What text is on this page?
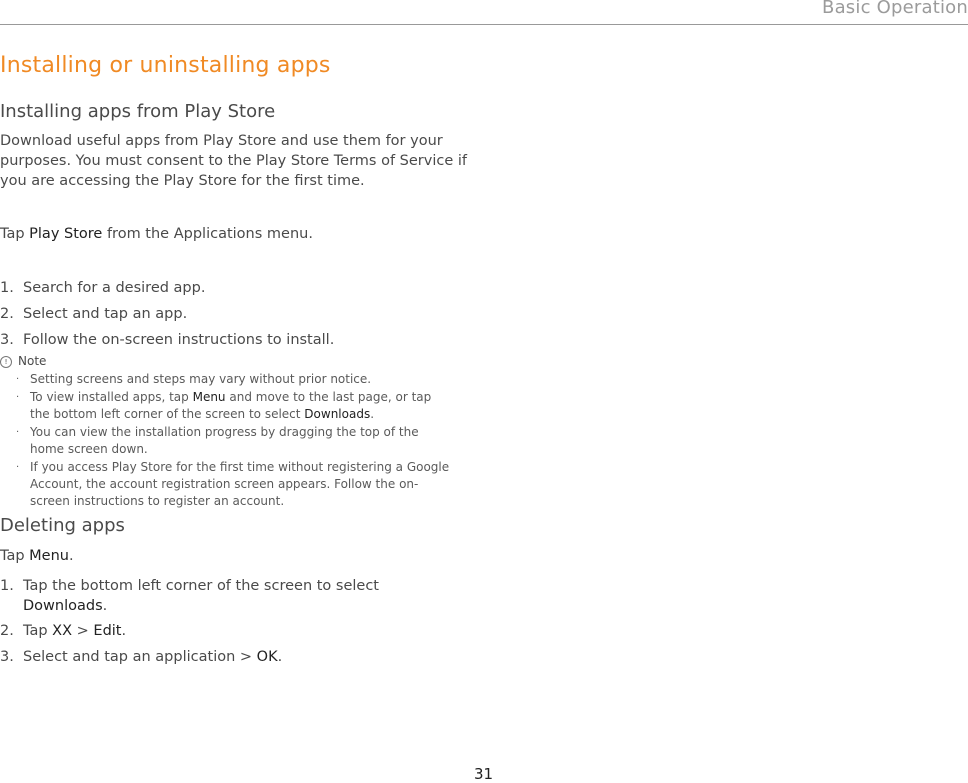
Basic Operation
Installing or uninstalling apps
Installing apps from Play Store
Download useful apps from Play Store and use them for your purposes. You must consent to the Play Store Terms of Service if you are accessing the Play Store for the first time.
Tap Play Store from the Applications menu.
1. Search for a desired app.
2. Select and tap an app.
3. Follow the on-screen instructions to install.
! Note
· Setting screens and steps may vary without prior notice.
· To view installed apps, tap Menu and move to the last page, or tap the bottom left corner of the screen to select Downloads.
· You can view the installation progress by dragging the top of the home screen down.
· If you access Play Store for the first time without registering a Google Account, the account registration screen appears. Follow the on-screen instructions to register an account.
Deleting apps
Tap Menu.
1. Tap the bottom left corner of the screen to select Downloads.
2. Tap XX > Edit.
3. Select and tap an application > OK.
31
